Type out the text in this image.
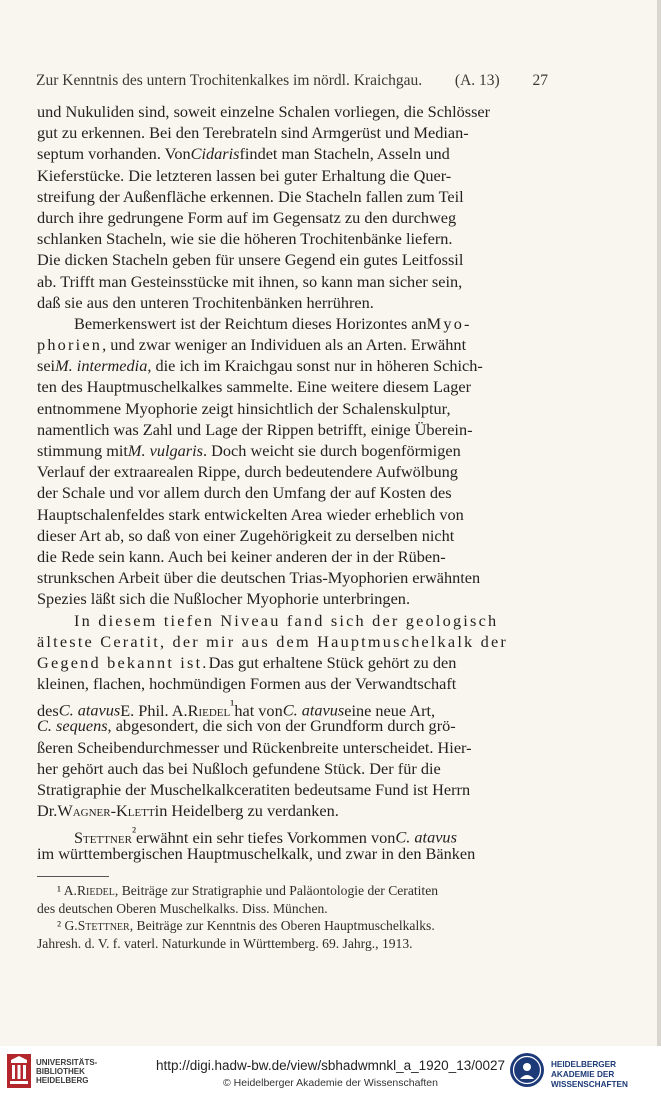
Zur Kenntnis des untern Trochitenkalkes im nördl. Kraichgau. (A. 13) 27
und Nukuliden sind, soweit einzelne Schalen vorliegen, die Schlösser
gut zu erkennen. Bei den Terebrateln sind Armgerüst und Median-
septum vorhanden. VonCidarisfindet man Stacheln, Asseln und
Kieferstücke. Die letzteren lassen bei guter Erhaltung die Quer-
streifung der Außenfläche erkennen. Die Stacheln fallen zum Teil
durch ihre gedrungene Form auf im Gegensatz zu den durchweg
schlanken Stacheln, wie sie die höheren Trochitenbänke liefern.
Die dicken Stacheln geben für unsere Gegend ein gutes Leitfossil
ab. Trifft man Gesteinsstücke mit ihnen, so kann man sicher sein,
daß sie aus den unteren Trochitenbänken herrühren.
Bemerkenswert ist der Reichtum dieses Horizontes anMyo-
phorien, und zwar weniger an Individuen als an Arten. Erwähnt
seiM. intermedia, die ich im Kraichgau sonst nur in höheren Schich-
ten des Hauptmuschelkalkes sammelte. Eine weitere diesem Lager
entnommene Myophorie zeigt hinsichtlich der Schalenskulptur,
namentlich was Zahl und Lage der Rippen betrifft, einige Überein-
stimmung mitM. vulgaris. Doch weicht sie durch bogenförmigen
Verlauf der extraarealen Rippe, durch bedeutendere Aufwölbung
der Schale und vor allem durch den Umfang der auf Kosten des
Hauptschalenfeldes stark entwickelten Area wieder erheblich von
dieser Art ab, so daß von einer Zugehörigkeit zu derselben nicht
die Rede sein kann. Auch bei keiner anderen der in der Rüben-
strunkschen Arbeit über die deutschen Trias-Myophorien erwähnten
Spezies läßt sich die Nußlocher Myophorie unterbringen.
In diesem tiefen Niveau fand sich der geologisch
älteste Ceratit, der mir aus dem Hauptmuschelkalk der
Gegend bekannt ist.Das gut erhaltene Stück gehört zu den
kleinen, flachen, hochmündigen Formen aus der Verwandtschaft
desC. atavusE. Phil. A.Riedel$^{^1}$hat vonC. atavuseine neue Art,
C. sequens, abgesondert, die sich von der Grundform durch grö-
ßeren Scheibendurchmesser und Rückenbreite unterscheidet. Hier-
her gehört auch das bei Nußloch gefundene Stück. Der für die
Stratigraphie der Muschelkalkceratiten bedeutsame Fund ist Herrn
Dr.Wagner-Klettin Heidelberg zu verdanken.
Stettner$^{^2}$erwähnt ein sehr tiefes Vorkommen vonC. atavus
im württembergischen Hauptmuschelkalk, und zwar in den Bänken
¹ A.Riedel, Beiträge zur Stratigraphie und Paläontologie der Ceratiten
des deutschen Oberen Muschelkalks. Diss. München.
² G.Stettner, Beiträge zur Kenntnis des Oberen Hauptmuschelkalks.
Jahresh. d. V. f. vaterl. Naturkunde in Württemberg. 69. Jahrg., 1913.
UNIVERSITÄTS- BIBLIOTHEK HEIDELBERG
http://digi.hadw-bw.de/view/sbhadwmnkl_a_1920_13/0027
© Heidelberger Akademie der Wissenschaften
HEIDELBERGER AKADEMIE DER WISSENSCHAFTEN
